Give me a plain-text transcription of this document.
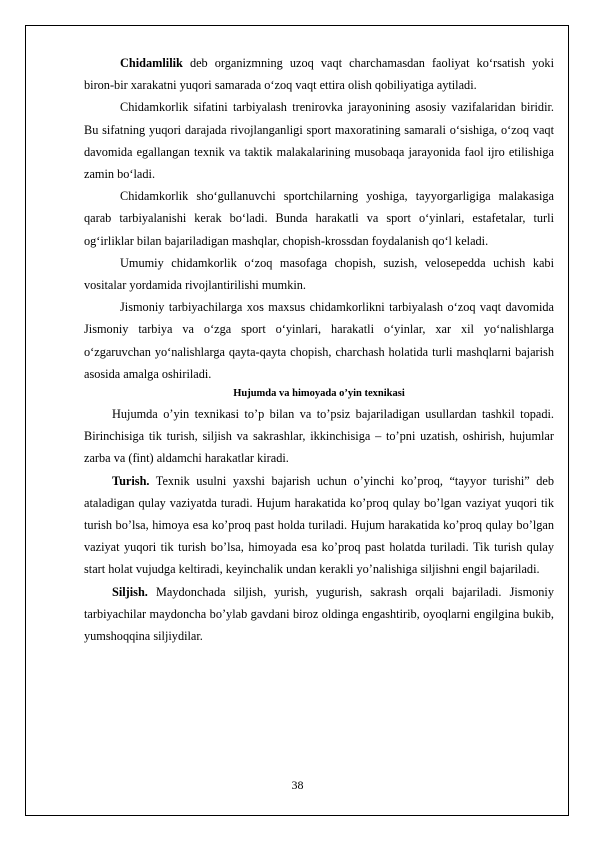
Chidamlilik deb organizmning uzoq vaqt charchamasdan faoliyat ko‘rsatish yoki biron-bir xarakatni yuqori samarada o‘zoq vaqt ettira olish qobiliyatiga aytiladi.

Chidamkorlik sifatini tarbiyalash trenirovka jarayonining asosiy vazifalaridan biridir. Bu sifatning yuqori darajada rivojlanganligi sport maxoratining samarali o‘sishiga, o‘zoq vaqt davomida egallangan texnik va taktik malakalarining musobaqa jarayonida faol ijro etilishiga zamin bo‘ladi.

Chidamkorlik sho‘gullanuvchi sportchilarning yoshiga, tayyorgarligiga malakasiga qarab tarbiyalanishi kerak bo‘ladi. Bunda harakatli va sport o‘yinlari, estafetalar, turli og‘irliklar bilan bajariladigan mashqlar, chopish-krossdan foydalanish qo‘l keladi.

Umumiy chidamkorlik o‘zoq masofaga chopish, suzish, velosepedda uchish kabi vositalar yordamida rivojlantirilishi mumkin.

Jismoniy tarbiyachilarga xos maxsus chidamkorlikni tarbiyalash o‘zoq vaqt davomida Jismoniy tarbiya va o‘zga sport o‘yinlari, harakatli o‘yinlar, xar xil yo‘nalishlarga o‘zgaruvchan yo‘nalishlarga qayta-qayta chopish, charchash holatida turli mashqlarni bajarish asosida amalga oshiriladi.

Hujumda va himoyada o’yin texnikasi

Hujumda o’yin texnikasi to’p bilan va to’psiz bajariladigan usullardan tashkil topadi. Birinchisiga tik turish, siljish va sakrashlar, ikkinchisiga – to’pni uzatish, oshirish, hujumlar zarba va (fint) aldamchi harakatlar kiradi.

Turish. Texnik usulni yaxshi bajarish uchun o’yinchi ko’proq, “tayyor turishi” deb ataladigan qulay vaziyatda turadi. Hujum harakatida ko’proq qulay bo’lgan vaziyat yuqori tik turish bo’lsa, himoya esa ko’proq past holda turiladi. Hujum harakatida ko’proq qulay bo’lgan vaziyat yuqori tik turish bo’lsa, himoyada esa ko’proq past holatda turiladi. Tik turish qulay start holat vujudga keltiradi, keyinchalik undan kerakli yo’nalishiga siljishni engil bajariladi.

Siljish. Maydonchada siljish, yurish, yugurish, sakrash orqali bajariladi. Jismoniy tarbiyachilar maydoncha bo’ylab gavdani biroz oldinga engashtirib, oyoqlarni engilgina bukib, yumshoqqina siljiydilar.

38
